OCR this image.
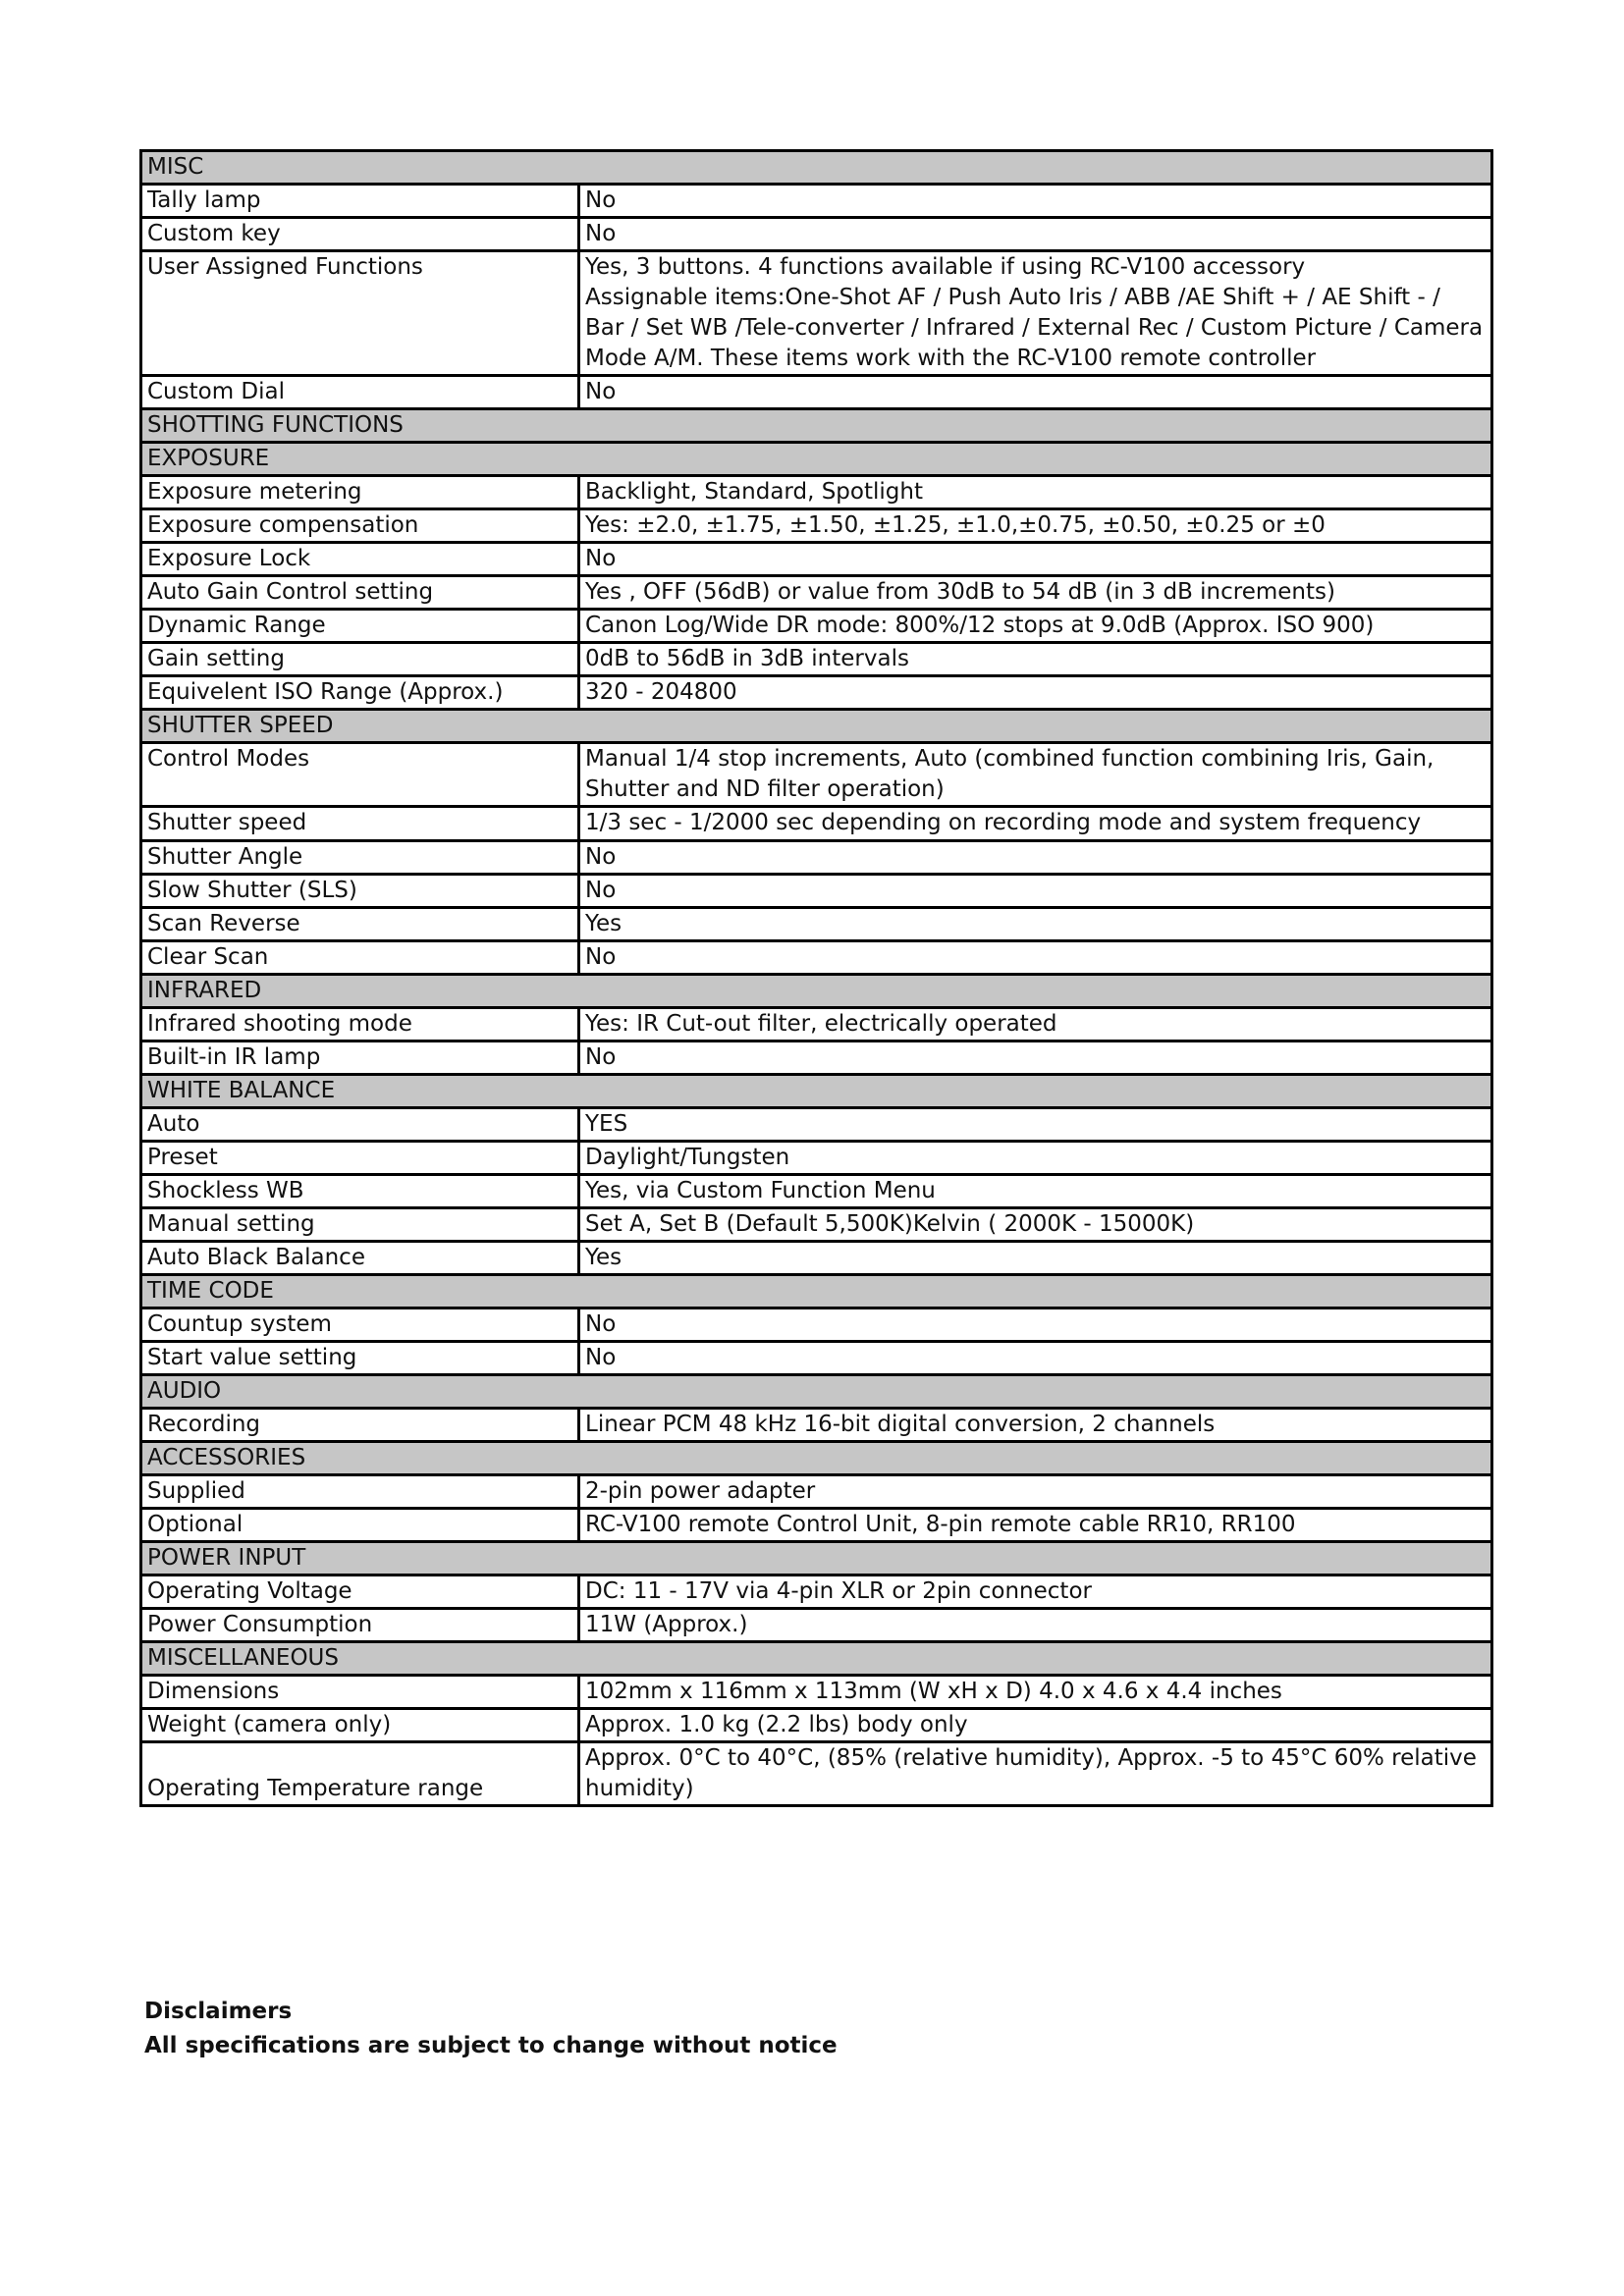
MISC	
Tally lamp	No
Custom key	No
User Assigned Functions	Yes, 3 buttons. 4 functions available if using RC-V100 accessory
Assignable items:One-Shot AF / Push Auto Iris / ABB /AE Shift + / AE Shift - / Bar / Set WB /Tele-converter / Infrared / External Rec / Custom Picture / Camera Mode A/M. These items work with the RC-V100 remote controller
Custom Dial	No
SHOTTING FUNCTIONS	
EXPOSURE	
Exposure metering	Backlight, Standard, Spotlight
Exposure compensation	Yes: ±2.0, ±1.75, ±1.50, ±1.25, ±1.0,±0.75, ±0.50, ±0.25 or ±0
Exposure Lock	No
Auto Gain Control setting	Yes , OFF (56dB) or value from 30dB to 54 dB (in 3 dB increments)
Dynamic Range	Canon Log/Wide DR mode: 800%/12 stops at 9.0dB (Approx. ISO 900)
Gain setting	0dB to 56dB in 3dB intervals
Equivelent ISO Range (Approx.)	320 - 204800
SHUTTER SPEED	
Control Modes	Manual 1/4 stop increments, Auto (combined function combining Iris, Gain, Shutter and ND filter operation)
Shutter speed	1/3 sec - 1/2000 sec depending on recording mode and system frequency
Shutter Angle	No
Slow Shutter (SLS)	No
Scan Reverse	Yes
Clear Scan	No
INFRARED	
Infrared shooting mode	Yes: IR Cut-out filter, electrically operated
Built-in IR lamp	No
WHITE BALANCE	
Auto	YES
Preset	Daylight/Tungsten
Shockless WB	Yes, via Custom Function Menu
Manual setting	Set A, Set B (Default 5,500K)Kelvin ( 2000K - 15000K)
Auto Black Balance	Yes
TIME CODE	
Countup system	No
Start value setting	No
AUDIO	
Recording	Linear PCM 48 kHz 16-bit digital conversion, 2 channels
ACCESSORIES	
Supplied	2-pin power adapter
Optional	RC-V100 remote Control Unit, 8-pin remote cable RR10, RR100
POWER INPUT	
Operating Voltage	DC: 11 - 17V via 4-pin XLR or 2pin connector
Power Consumption	11W (Approx.)
MISCELLANEOUS	
Dimensions	102mm x 116mm x 113mm (W xH x D) 4.0 x 4.6 x 4.4 inches
Weight (camera only)	Approx. 1.0 kg (2.2 lbs) body only
Operating Temperature range	Approx. 0°C to 40°C, (85% (relative humidity), Approx. -5 to 45°C 60% relative humidity)

Disclaimers

All specifications are subject to change without notice
